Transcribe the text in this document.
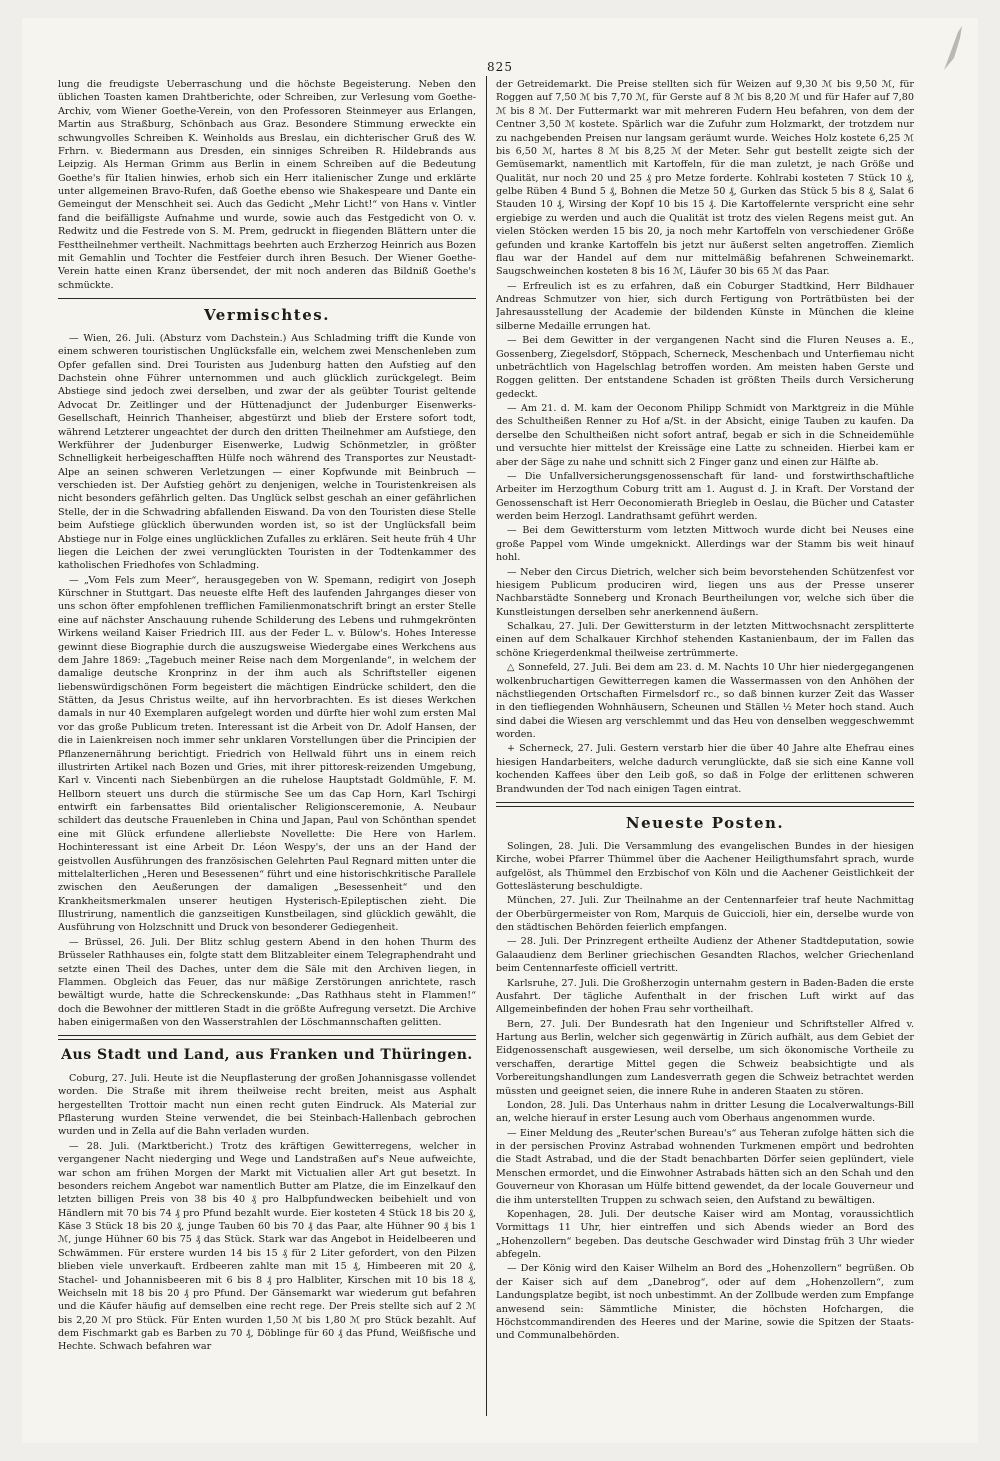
825

lung die freudigste Ueberraschung und die höchste Begeisterung. Neben den üblichen Toasten kamen Drahtberichte, oder Schreiben, zur Verlesung vom Goethe-Archiv, vom Wiener Goethe-Verein, von den Professoren Steinmeyer aus Erlangen, Martin aus Straßburg, Schönbach aus Graz. Besondere Stimmung erweckte ein schwungvolles Schreiben K. Weinholds aus Breslau, ein dichterischer Gruß des W. Frhrn. v. Biedermann aus Dresden, ein sinniges Schreiben R. Hildebrands aus Leipzig. Als Herman Grimm aus Berlin in einem Schreiben auf die Bedeutung Goethe's für Italien hinwies, erhob sich ein Herr italienischer Zunge und erklärte unter allgemeinen Bravo-Rufen, daß Goethe ebenso wie Shakespeare und Dante ein Gemeingut der Menschheit sei. Auch das Gedicht „Mehr Licht!“ von Hans v. Vintler fand die beifälligste Aufnahme und wurde, sowie auch das Festgedicht von O. v. Redwitz und die Festrede von S. M. Prem, gedruckt in fliegenden Blättern unter die Festtheilnehmer vertheilt. Nachmittags beehrten auch Erzherzog Heinrich aus Bozen mit Gemahlin und Tochter die Festfeier durch ihren Besuch. Der Wiener Goethe-Verein hatte einen Kranz übersendet, der mit noch anderen das Bildniß Goethe's schmückte.

Vermischtes.

— Wien, 26. Juli. (Absturz vom Dachstein.) Aus Schladming trifft die Kunde von einem schweren touristischen Unglücksfalle ein, welchem zwei Menschenleben zum Opfer gefallen sind. Drei Touristen aus Judenburg hatten den Aufstieg auf den Dachstein ohne Führer unternommen und auch glücklich zurückgelegt. Beim Abstiege sind jedoch zwei derselben, und zwar der als geübter Tourist geltende Advocat Dr. Zeitlinger und der Hüttenadjunct der Judenburger Eisenwerks-Gesellschaft, Heinrich Thanheiser, abgestürzt und blieb der Erstere sofort todt, während Letzterer ungeachtet der durch den dritten Theilnehmer am Aufstiege, den Werkführer der Judenburger Eisenwerke, Ludwig Schönmetzler, in größter Schnelligkeit herbeigeschafften Hülfe noch während des Transportes zur Neustadt-Alpe an seinen schweren Verletzungen — einer Kopfwunde mit Beinbruch — verschieden ist. Der Aufstieg gehört zu denjenigen, welche in Touristenkreisen als nicht besonders gefährlich gelten. Das Unglück selbst geschah an einer gefährlichen Stelle, der in die Schwadring abfallenden Eiswand. Da von den Touristen diese Stelle beim Aufstiege glücklich überwunden worden ist, so ist der Unglücksfall beim Abstiege nur in Folge eines unglücklichen Zufalles zu erklären. Seit heute früh 4 Uhr liegen die Leichen der zwei verunglückten Touristen in der Todtenkammer des katholischen Friedhofes von Schladming.

— „Vom Fels zum Meer“, herausgegeben von W. Spemann, redigirt von Joseph Kürschner in Stuttgart. Das neueste elfte Heft des laufenden Jahrganges dieser von uns schon öfter empfohlenen trefflichen Familienmonatschrift bringt an erster Stelle eine auf nächster Anschauung ruhende Schilderung des Lebens und ruhmgekrönten Wirkens weiland Kaiser Friedrich III. aus der Feder L. v. Bülow's. Hohes Interesse gewinnt diese Biographie durch die auszugsweise Wiedergabe eines Werkchens aus dem Jahre 1869: „Tagebuch meiner Reise nach dem Morgenlande“, in welchem der damalige deutsche Kronprinz in der ihm auch als Schriftsteller eigenen liebenswürdigschönen Form begeistert die mächtigen Eindrücke schildert, den die Stätten, da Jesus Christus weilte, auf ihn hervorbrachten. Es ist dieses Werkchen damals in nur 40 Exemplaren aufgelegt worden und dürfte hier wohl zum ersten Mal vor das große Publicum treten. Interessant ist die Arbeit von Dr. Adolf Hansen, der die in Laienkreisen noch immer sehr unklaren Vorstellungen über die Principien der Pflanzenernährung berichtigt. Friedrich von Hellwald führt uns in einem reich illustrirten Artikel nach Bozen und Gries, mit ihrer pittoresk-reizenden Umgebung, Karl v. Vincenti nach Siebenbürgen an die ruhelose Hauptstadt Goldmühle, F. M. Hellborn steuert uns durch die stürmische See um das Cap Horn, Karl Tschirgi entwirft ein farbensattes Bild orientalischer Religionsceremonie, A. Neubaur schildert das deutsche Frauenleben in China und Japan, Paul von Schönthan spendet eine mit Glück erfundene allerliebste Novellette: Die Here von Harlem. Hochinteressant ist eine Arbeit Dr. Léon Wespy's, der uns an der Hand der geistvollen Ausführungen des französischen Gelehrten Paul Regnard mitten unter die mittelalterlichen „Heren und Besessenen“ führt und eine historischkritische Parallele zwischen den Aeußerungen der damaligen „Besessenheit“ und den Krankheitsmerkmalen unserer heutigen Hysterisch-Epileptischen zieht. Die Illustrirung, namentlich die ganzseitigen Kunstbeilagen, sind glücklich gewählt, die Ausführung von Holzschnitt und Druck von besonderer Gediegenheit.

— Brüssel, 26. Juli. Der Blitz schlug gestern Abend in den hohen Thurm des Brüsseler Rathhauses ein, folgte statt dem Blitzableiter einem Telegraphendraht und setzte einen Theil des Daches, unter dem die Säle mit den Archiven liegen, in Flammen. Obgleich das Feuer, das nur mäßige Zerstörungen anrichtete, rasch bewältigt wurde, hatte die Schreckenskunde: „Das Rathhaus steht in Flammen!“ doch die Bewohner der mittleren Stadt in die größte Aufregung versetzt. Die Archive haben einigermaßen von den Wasserstrahlen der Löschmannschaften gelitten.

Aus Stadt und Land, aus Franken und Thüringen.

Coburg, 27. Juli. Heute ist die Neupflasterung der großen Johannisgasse vollendet worden. Die Straße mit ihrem theilweise recht breiten, meist aus Asphalt hergestellten Trottoir macht nun einen recht guten Eindruck. Als Material zur Pflasterung wurden Steine verwendet, die bei Steinbach-Hallenbach gebrochen wurden und in Zella auf die Bahn verladen wurden.

— 28. Juli. (Marktbericht.) Trotz des kräftigen Gewitterregens, welcher in vergangener Nacht niederging und Wege und Landstraßen auf's Neue aufweichte, war schon am frühen Morgen der Markt mit Victualien aller Art gut besetzt. In besonders reichem Angebot war namentlich Butter am Platze, die im Einzelkauf den letzten billigen Preis von 38 bis 40 ₰ pro Halbpfundwecken beibehielt und von Händlern mit 70 bis 74 ₰ pro Pfund bezahlt wurde. Eier kosteten 4 Stück 18 bis 20 ₰, Käse 3 Stück 18 bis 20 ₰, junge Tauben 60 bis 70 ₰ das Paar, alte Hühner 90 ₰ bis 1 ℳ, junge Hühner 60 bis 75 ₰ das Stück. Stark war das Angebot in Heidelbeeren und Schwämmen. Für erstere wurden 14 bis 15 ₰ für 2 Liter gefordert, von den Pilzen blieben viele unverkauft. Erdbeeren zahlte man mit 15 ₰, Himbeeren mit 20 ₰, Stachel- und Johannisbeeren mit 6 bis 8 ₰ pro Halbliter, Kirschen mit 10 bis 18 ₰, Weichseln mit 18 bis 20 ₰ pro Pfund. Der Gänsemarkt war wiederum gut befahren und die Käufer häufig auf demselben eine recht rege. Der Preis stellte sich auf 2 ℳ bis 2,20 ℳ pro Stück. Für Enten wurden 1,50 ℳ bis 1,80 ℳ pro Stück bezahlt. Auf dem Fischmarkt gab es Barben zu 70 ₰, Döblinge für 60 ₰ das Pfund, Weißfische und Hechte. Schwach befahren war

der Getreidemarkt. Die Preise stellten sich für Weizen auf 9,30 ℳ bis 9,50 ℳ, für Roggen auf 7,50 ℳ bis 7,70 ℳ, für Gerste auf 8 ℳ bis 8,20 ℳ und für Hafer auf 7,80 ℳ bis 8 ℳ. Der Futtermarkt war mit mehreren Fudern Heu befahren, von dem der Centner 3,50 ℳ kostete. Spärlich war die Zufuhr zum Holzmarkt, der trotzdem nur zu nachgebenden Preisen nur langsam geräumt wurde. Weiches Holz kostete 6,25 ℳ bis 6,50 ℳ, hartes 8 ℳ bis 8,25 ℳ der Meter. Sehr gut bestellt zeigte sich der Gemüsemarkt, namentlich mit Kartoffeln, für die man zuletzt, je nach Größe und Qualität, nur noch 20 und 25 ₰ pro Metze forderte. Kohlrabi kosteten 7 Stück 10 ₰, gelbe Rüben 4 Bund 5 ₰, Bohnen die Metze 50 ₰, Gurken das Stück 5 bis 8 ₰, Salat 6 Stauden 10 ₰, Wirsing der Kopf 10 bis 15 ₰. Die Kartoffelernte verspricht eine sehr ergiebige zu werden und auch die Qualität ist trotz des vielen Regens meist gut. An vielen Stöcken werden 15 bis 20, ja noch mehr Kartoffeln von verschiedener Größe gefunden und kranke Kartoffeln bis jetzt nur äußerst selten angetroffen. Ziemlich flau war der Handel auf dem nur mittelmäßig befahrenen Schweinemarkt. Saugschweinchen kosteten 8 bis 16 ℳ, Läufer 30 bis 65 ℳ das Paar.

— Erfreulich ist es zu erfahren, daß ein Coburger Stadtkind, Herr Bildhauer Andreas Schmutzer von hier, sich durch Fertigung von Porträtbüsten bei der Jahresausstellung der Academie der bildenden Künste in München die kleine silberne Medaille errungen hat.

— Bei dem Gewitter in der vergangenen Nacht sind die Fluren Neuses a. E., Gossenberg, Ziegelsdorf, Stöppach, Scherneck, Meschenbach und Unterfiemau nicht unbeträchtlich von Hagelschlag betroffen worden. Am meisten haben Gerste und Roggen gelitten. Der entstandene Schaden ist größten Theils durch Versicherung gedeckt.

— Am 21. d. M. kam der Oeconom Philipp Schmidt von Marktgreiz in die Mühle des Schultheißen Renner zu Hof a/St. in der Absicht, einige Tauben zu kaufen. Da derselbe den Schultheißen nicht sofort antraf, begab er sich in die Schneidemühle und versuchte hier mittelst der Kreissäge eine Latte zu schneiden. Hierbei kam er aber der Säge zu nahe und schnitt sich 2 Finger ganz und einen zur Hälfte ab.

— Die Unfallversicherungsgenossenschaft für land- und forstwirthschaftliche Arbeiter im Herzogthum Coburg tritt am 1. August d. J. in Kraft. Der Vorstand der Genossenschaft ist Herr Oeconomierath Briegleb in Oeslau, die Bücher und Cataster werden beim Herzogl. Landrathsamt geführt werden.

— Bei dem Gewittersturm vom letzten Mittwoch wurde dicht bei Neuses eine große Pappel vom Winde umgeknickt. Allerdings war der Stamm bis weit hinauf hohl.

— Neber den Circus Dietrich, welcher sich beim bevorstehenden Schützenfest vor hiesigem Publicum produciren wird, liegen uns aus der Presse unserer Nachbarstädte Sonneberg und Kronach Beurtheilungen vor, welche sich über die Kunstleistungen derselben sehr anerkennend äußern.

Schalkau, 27. Juli. Der Gewittersturm in der letzten Mittwochsnacht zersplitterte einen auf dem Schalkauer Kirchhof stehenden Kastanienbaum, der im Fallen das schöne Kriegerdenkmal theilweise zertrümmerte.

△ Sonnefeld, 27. Juli. Bei dem am 23. d. M. Nachts 10 Uhr hier niedergegangenen wolkenbruchartigen Gewitterregen kamen die Wassermassen von den Anhöhen der nächstliegenden Ortschaften Firmelsdorf rc., so daß binnen kurzer Zeit das Wasser in den tiefliegenden Wohnhäusern, Scheunen und Ställen ½ Meter hoch stand. Auch sind dabei die Wiesen arg verschlemmt und das Heu von denselben weggeschwemmt worden.

+ Scherneck, 27. Juli. Gestern verstarb hier die über 40 Jahre alte Ehefrau eines hiesigen Handarbeiters, welche dadurch verunglückte, daß sie sich eine Kanne voll kochenden Kaffees über den Leib goß, so daß in Folge der erlittenen schweren Brandwunden der Tod nach einigen Tagen eintrat.

Neueste Posten.

Solingen, 28. Juli. Die Versammlung des evangelischen Bundes in der hiesigen Kirche, wobei Pfarrer Thümmel über die Aachener Heiligthumsfahrt sprach, wurde aufgelöst, als Thümmel den Erzbischof von Köln und die Aachener Geistlichkeit der Gotteslästerung beschuldigte.

München, 27. Juli. Zur Theilnahme an der Centennarfeier traf heute Nachmittag der Oberbürgermeister von Rom, Marquis de Guiccioli, hier ein, derselbe wurde von den städtischen Behörden feierlich empfangen.

— 28. Juli. Der Prinzregent ertheilte Audienz der Athener Stadtdeputation, sowie Galaaudienz dem Berliner griechischen Gesandten Rlachos, welcher Griechenland beim Centennarfeste officiell vertritt.

Karlsruhe, 27. Juli. Die Großherzogin unternahm gestern in Baden-Baden die erste Ausfahrt. Der tägliche Aufenthalt in der frischen Luft wirkt auf das Allgemeinbefinden der hohen Frau sehr vortheilhaft.

Bern, 27. Juli. Der Bundesrath hat den Ingenieur und Schriftsteller Alfred v. Hartung aus Berlin, welcher sich gegenwärtig in Zürich aufhält, aus dem Gebiet der Eidgenossenschaft ausgewiesen, weil derselbe, um sich ökonomische Vortheile zu verschaffen, derartige Mittel gegen die Schweiz beabsichtigte und als Vorbereitungshandlungen zum Landesverrath gegen die Schweiz betrachtet werden müssten und geeignet seien, die innere Ruhe in anderen Staaten zu stören.

London, 28. Juli. Das Unterhaus nahm in dritter Lesung die Localverwaltungs-Bill an, welche hierauf in erster Lesung auch vom Oberhaus angenommen wurde.

— Einer Meldung des „Reuter'schen Bureau's“ aus Teheran zufolge hätten sich die in der persischen Provinz Astrabad wohnenden Turkmenen empört und bedrohten die Stadt Astrabad, und die der Stadt benachbarten Dörfer seien geplündert, viele Menschen ermordet, und die Einwohner Astrabads hätten sich an den Schah und den Gouverneur von Khorasan um Hülfe bittend gewendet, da der locale Gouverneur und die ihm unterstellten Truppen zu schwach seien, den Aufstand zu bewältigen.

Kopenhagen, 28. Juli. Der deutsche Kaiser wird am Montag, voraussichtlich Vormittags 11 Uhr, hier eintreffen und sich Abends wieder an Bord des „Hohenzollern“ begeben. Das deutsche Geschwader wird Dinstag früh 3 Uhr wieder abfegeln.

— Der König wird den Kaiser Wilhelm an Bord des „Hohenzollern“ begrüßen. Ob der Kaiser sich auf dem „Danebrog“, oder auf dem „Hohenzollern“, zum Landungsplatze begibt, ist noch unbestimmt. An der Zollbude werden zum Empfange anwesend sein: Sämmtliche Minister, die höchsten Hofchargen, die Höchstcommandirenden des Heeres und der Marine, sowie die Spitzen der Staats- und Communalbehörden.
